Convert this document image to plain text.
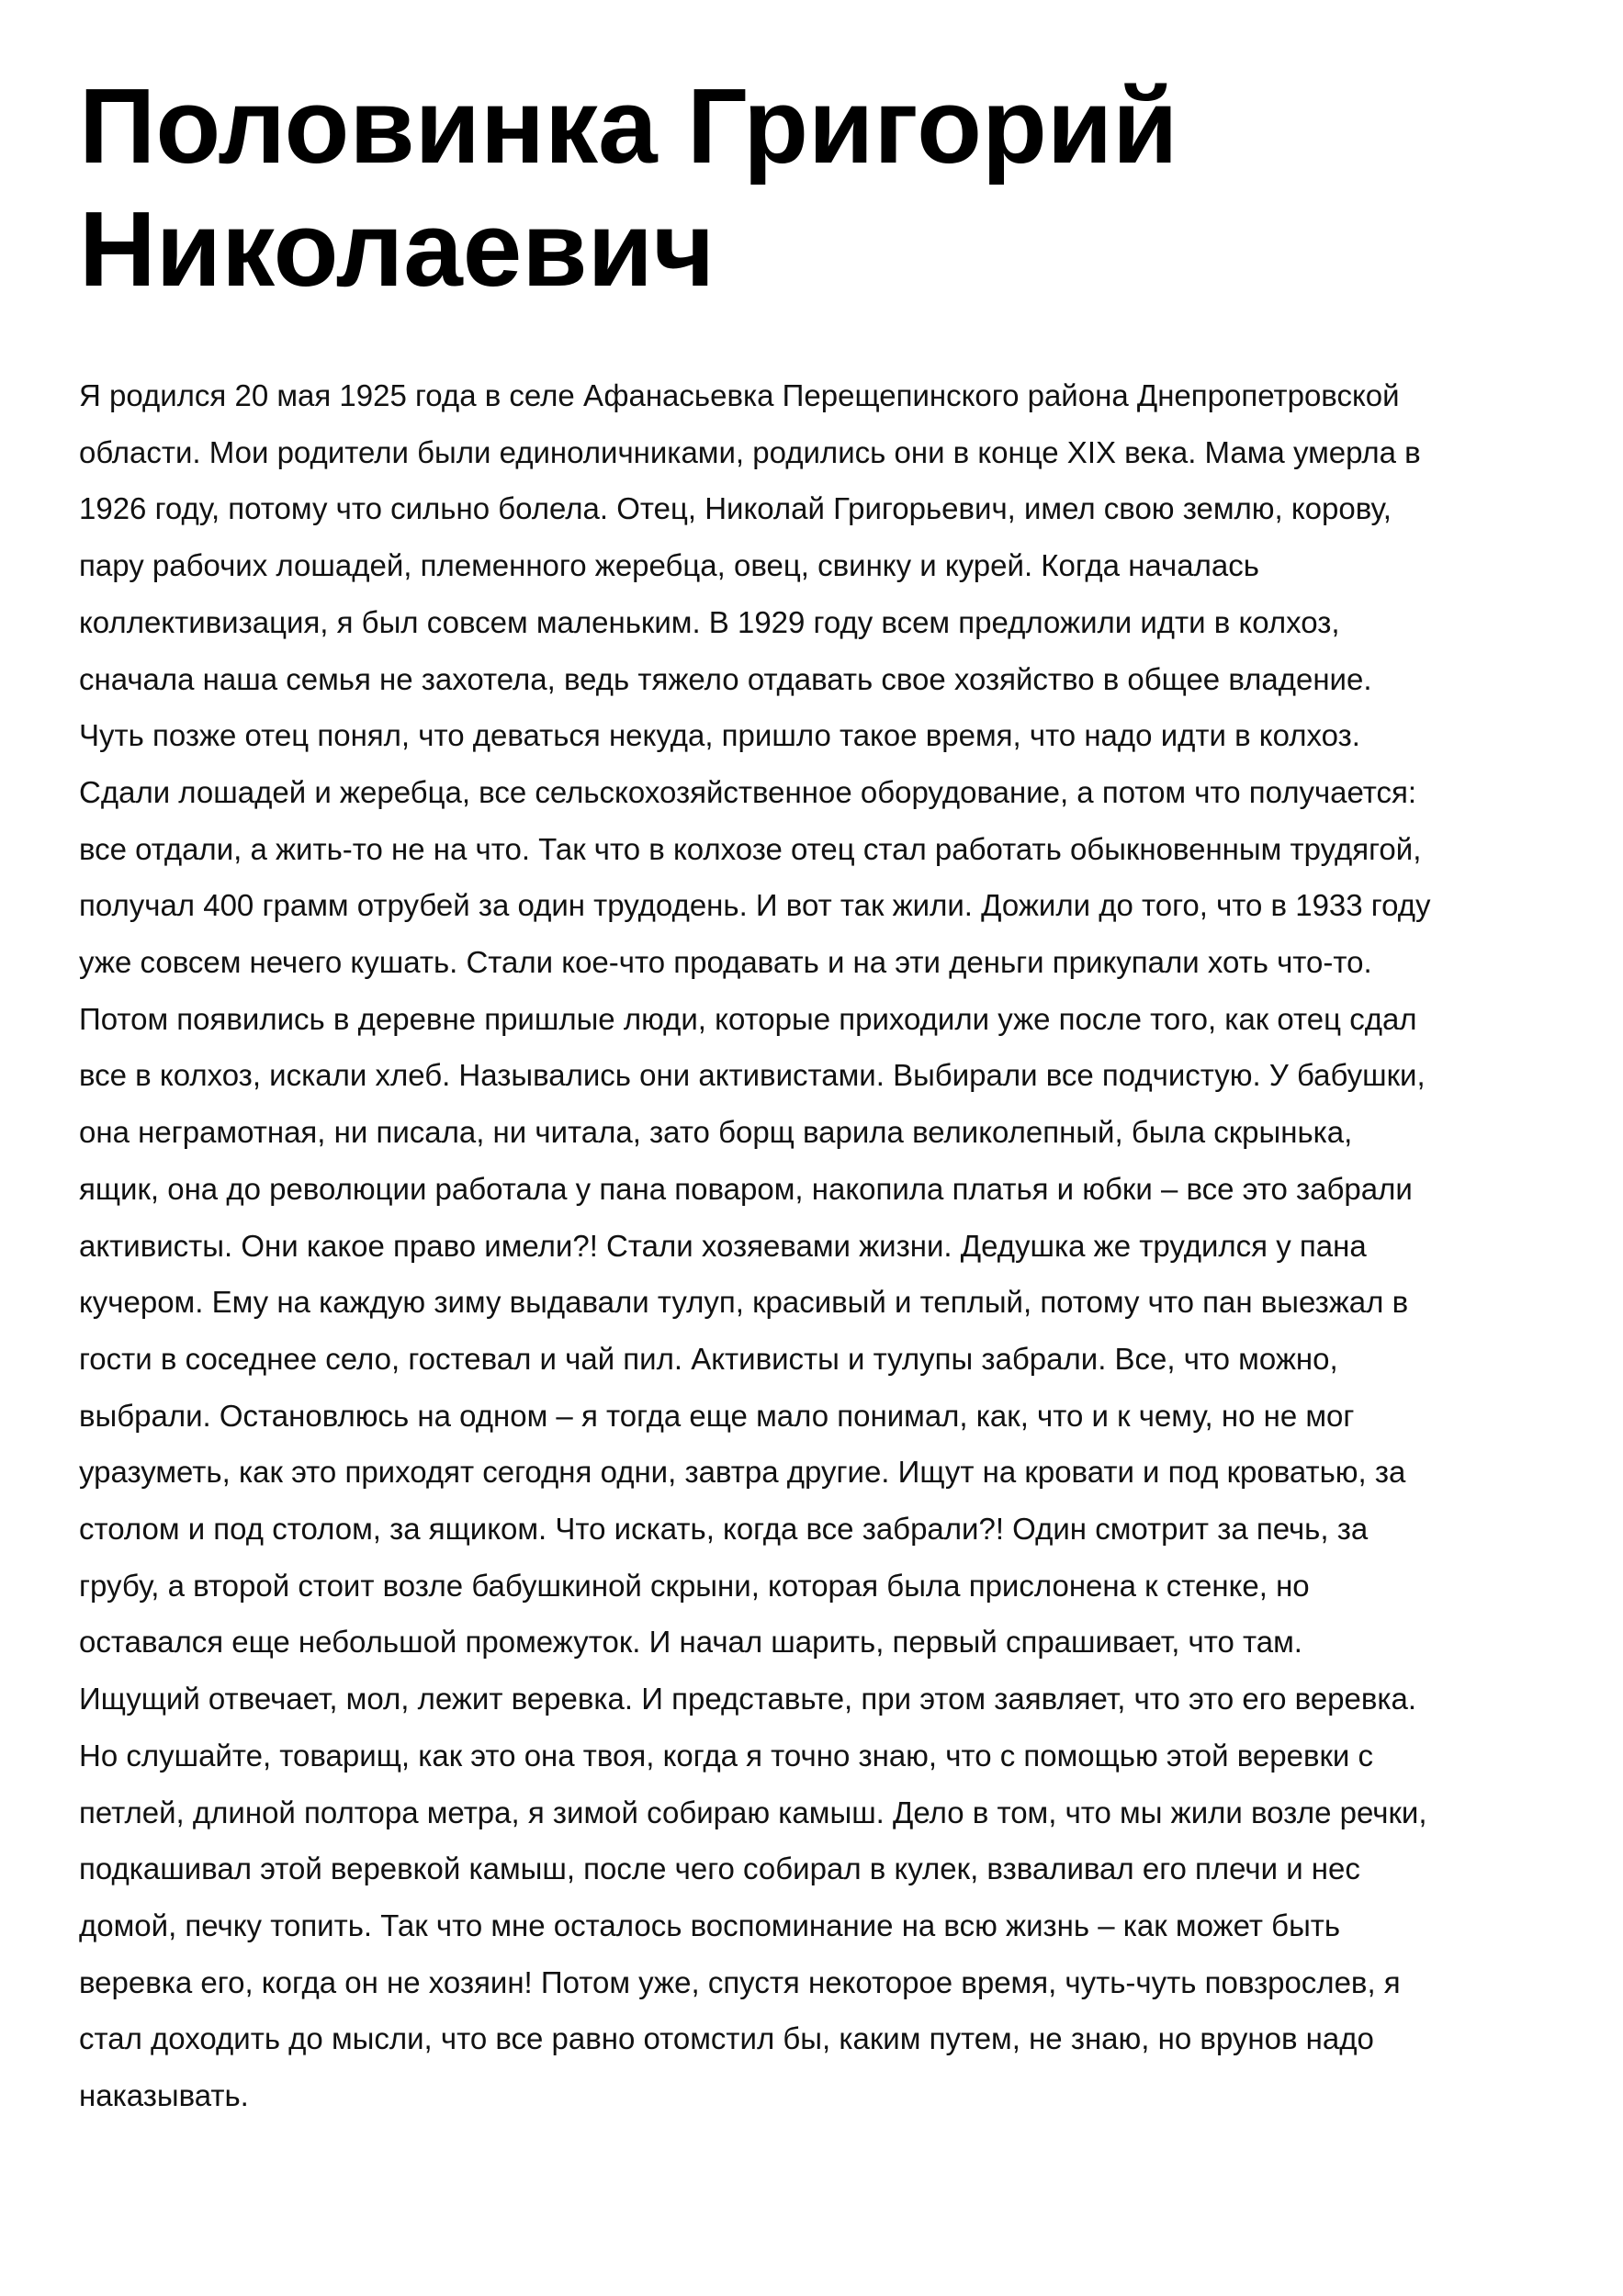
Половинка Григорий
Николаевич

Я родился 20 мая 1925 года в селе Афанасьевка Перещепинского района Днепропетровской
области. Мои родители были единоличниками, родились они в конце XIX века. Мама умерла в
1926 году, потому что сильно болела. Отец, Николай Григорьевич, имел свою землю, корову,
пару рабочих лошадей, племенного жеребца, овец, свинку и курей. Когда началась
коллективизация, я был совсем маленьким. В 1929 году всем предложили идти в колхоз,
сначала наша семья не захотела, ведь тяжело отдавать свое хозяйство в общее владение.
Чуть позже отец понял, что деваться некуда, пришло такое время, что надо идти в колхоз.
Сдали лошадей и жеребца, все сельскохозяйственное оборудование, а потом что получается:
все отдали, а жить-то не на что. Так что в колхозе отец стал работать обыкновенным трудягой,
получал 400 грамм отрубей за один трудодень. И вот так жили. Дожили до того, что в 1933 году
уже совсем нечего кушать. Стали кое-что продавать и на эти деньги прикупали хоть что-то.
Потом появились в деревне пришлые люди, которые приходили уже после того, как отец сдал
все в колхоз, искали хлеб. Назывались они активистами. Выбирали все подчистую. У бабушки,
она неграмотная, ни писала, ни читала, зато борщ варила великолепный, была скрынька,
ящик, она до революции работала у пана поваром, накопила платья и юбки – все это забрали
активисты. Они какое право имели?! Стали хозяевами жизни. Дедушка же трудился у пана
кучером. Ему на каждую зиму выдавали тулуп, красивый и теплый, потому что пан выезжал в
гости в соседнее село, гостевал и чай пил. Активисты и тулупы забрали. Все, что можно,
выбрали. Остановлюсь на одном – я тогда еще мало понимал, как, что и к чему, но не мог
уразуметь, как это приходят сегодня одни, завтра другие. Ищут на кровати и под кроватью, за
столом и под столом, за ящиком. Что искать, когда все забрали?! Один смотрит за печь, за
грубу, а второй стоит возле бабушкиной скрыни, которая была прислонена к стенке, но
оставался еще небольшой промежуток. И начал шарить, первый спрашивает, что там.
Ищущий отвечает, мол, лежит веревка. И представьте, при этом заявляет, что это его веревка.
Но слушайте, товарищ, как это она твоя, когда я точно знаю, что с помощью этой веревки с
петлей, длиной полтора метра, я зимой собираю камыш. Дело в том, что мы жили возле речки,
подкашивал этой веревкой камыш, после чего собирал в кулек, взваливал его плечи и нес
домой, печку топить. Так что мне осталось воспоминание на всю жизнь – как может быть
веревка его, когда он не хозяин! Потом уже, спустя некоторое время, чуть-чуть повзрослев, я
стал доходить до мысли, что все равно отомстил бы, каким путем, не знаю, но врунов надо
наказывать.
